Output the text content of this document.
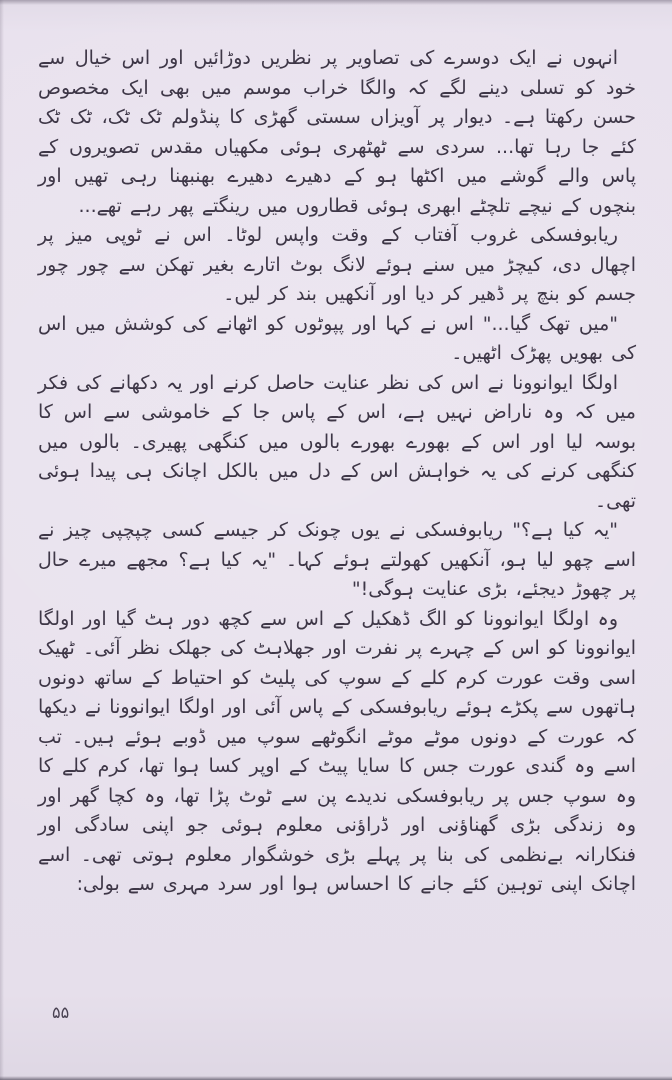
انہوں نے ایک دوسرے کی تصاویر پر نظریں دوڑائیں اور اس خیال سے خود کو تسلی دینے لگے کہ والگا خراب موسم میں بھی ایک مخصوص حسن رکھتا ہے۔ دیوار پر آویزاں سستی گھڑی کا پنڈولم ٹک ٹک، ٹک ٹک کئے جا رہا تھا... سردی سے ٹھٹھری ہوئی مکھیاں مقدس تصویروں کے پاس والے گوشے میں اکٹھا ہو کے دھیرے دھیرے بھنبھنا رہی تھیں اور بنچوں کے نیچے تلچٹے ابھری ہوئی قطاروں میں رینگتے پھر رہے تھے...

ریابوفسکی غروب آفتاب کے وقت واپس لوٹا۔ اس نے ٹوپی میز پر اچھال دی، کیچڑ میں سنے ہوئے لانگ بوٹ اتارے بغیر تھکن سے چور چور جسم کو بنچ پر ڈھیر کر دیا اور آنکھیں بند کر لیں۔

"میں تھک گیا..." اس نے کہا اور پپوٹوں کو اٹھانے کی کوشش میں اس کی بھویں پھڑک اٹھیں۔

اولگا ایوانوونا نے اس کی نظر عنایت حاصل کرنے اور یہ دکھانے کی فکر میں کہ وہ ناراض نہیں ہے، اس کے پاس جا کے خاموشی سے اس کا بوسہ لیا اور اس کے بھورے بھورے بالوں میں کنگھی پھیری۔ بالوں میں کنگھی کرنے کی یہ خواہش اس کے دل میں بالکل اچانک ہی پیدا ہوئی تھی۔

"یہ کیا ہے؟" ریابوفسکی نے یوں چونک کر جیسے کسی چپچپی چیز نے اسے چھو لیا ہو، آنکھیں کھولتے ہوئے کہا۔ "یہ کیا ہے؟ مجھے میرے حال پر چھوڑ دیجئے، بڑی عنایت ہوگی!"

وہ اولگا ایوانوونا کو الگ ڈھکیل کے اس سے کچھ دور ہٹ گیا اور اولگا ایوانوونا کو اس کے چہرے پر نفرت اور جھلاہٹ کی جھلک نظر آئی۔ ٹھیک اسی وقت عورت کرم کلے کے سوپ کی پلیٹ کو احتیاط کے ساتھ دونوں ہاتھوں سے پکڑے ہوئے ریابوفسکی کے پاس آئی اور اولگا ایوانوونا نے دیکھا کہ عورت کے دونوں موٹے موٹے انگوٹھے سوپ میں ڈوبے ہوئے ہیں۔ تب اسے وہ گندی عورت جس کا سایا پیٹ کے اوپر کسا ہوا تھا، کرم کلے کا وہ سوپ جس پر ریابوفسکی ندیدے پن سے ٹوٹ پڑا تھا، وہ کچا گھر اور وہ زندگی بڑی گھناؤنی اور ڈراؤنی معلوم ہوئی جو اپنی سادگی اور فنکارانہ بےنظمی کی بنا پر پہلے بڑی خوشگوار معلوم ہوتی تھی۔ اسے اچانک اپنی توہین کئے جانے کا احساس ہوا اور سرد مہری سے بولی:

۵۵
